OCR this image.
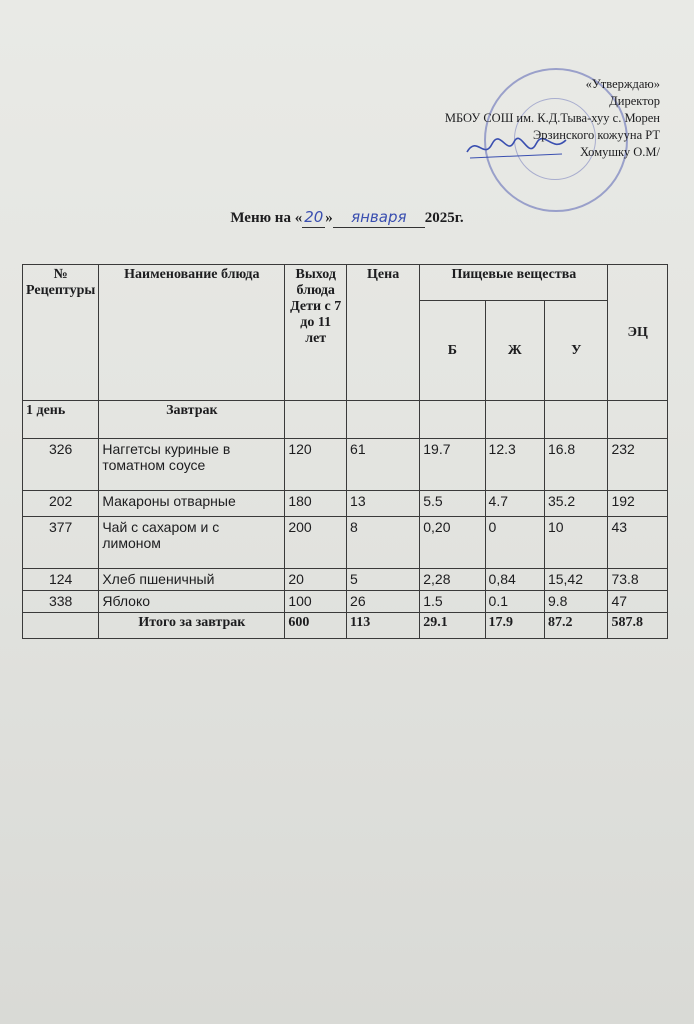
«Утверждаю»
Директор
МБОУ СОШ им. К.Д.Тыва-хуу с. Морен
Эрзинского кожууна РТ
Хомушку О.М/
Меню на « 20 » января 2025г.
№ Рецептуры	Наименование блюда	Выход блюда Дети с 7 до 11 лет	Цена	Пищевые вещества			ЭЦ
				Б	Ж	У	
1 день	Завтрак						
326	Наггетсы куриные в томатном соусе	120	61	19.7	12.3	16.8	232
202	Макароны отварные	180	13	5.5	4.7	35.2	192
377	Чай с сахаром и с лимоном	200	8	0,20	0	10	43
124	Хлеб пшеничный	20	5	2,28	0,84	15,42	73.8
338	Яблоко	100	26	1.5	0.1	9.8	47
	Итого за завтрак	600	113	29.1	17.9	87.2	587.8
